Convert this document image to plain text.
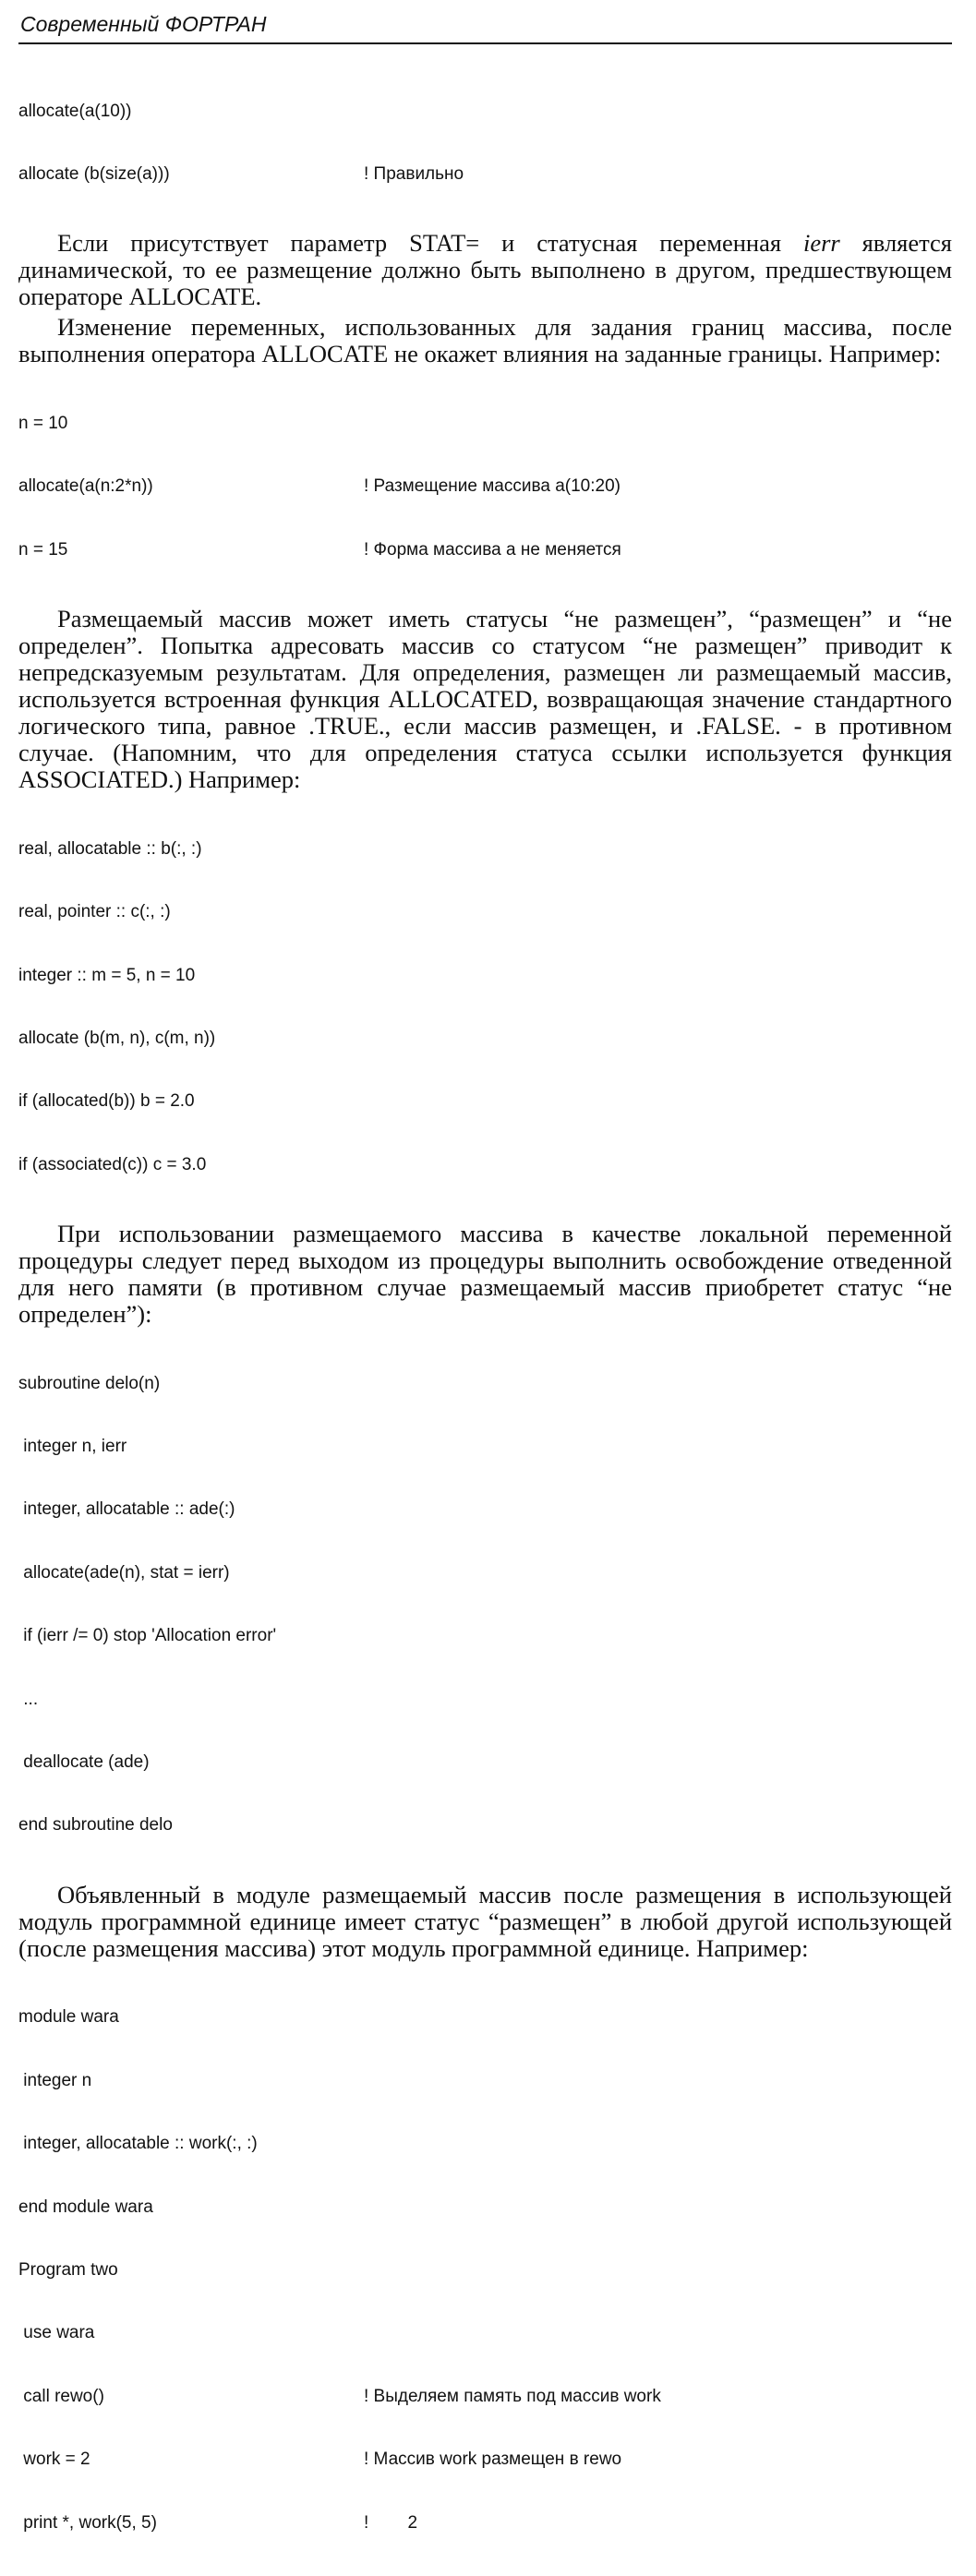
Современный ФОРТРАН

allocate(a(10))

allocate (b(size(a)))	! Правильно

Если присутствует параметр STAT= и статусная переменная ierr является динамической, то ее размещение должно быть выполнено в другом, предшествующем операторе ALLOCATE.

Изменение переменных, использованных для задания границ массива, после выполнения оператора ALLOCATE не окажет влияния на заданные границы. Например:

n = 10

allocate(a(n:2*n))	! Размещение массива a(10:20)

n = 15	! Форма массива а не меняется

Размещаемый массив может иметь статусы “не размещен”, “размещен” и “не определен”. Попытка адресовать массив со статусом “не размещен” приводит к непредсказуемым результатам. Для определения, размещен ли размещаемый массив, используется встроенная функция ALLOCATED, возвращающая значение стандартного логического типа, равное .TRUE., если массив размещен, и .FALSE. - в противном случае. (Напомним, что для определения статуса ссылки используется функция ASSOCIATED.) Например:

real, allocatable :: b(:, :)

real, pointer :: c(:, :)

integer :: m = 5, n = 10

allocate (b(m, n), c(m, n))

if (allocated(b)) b = 2.0

if (associated(c)) c = 3.0

При использовании размещаемого массива в качестве локальной переменной процедуры следует перед выходом из процедуры выполнить освобождение отведенной для него памяти (в противном случае размещаемый массив приобретет статус “не определен”):

subroutine delo(n)

integer n, ierr

integer, allocatable :: ade(:)

allocate(ade(n), stat = ierr)

if (ierr /= 0) stop 'Allocation error'

...

deallocate (ade)

end subroutine delo

Объявленный в модуле размещаемый массив после размещения в использующей модуль программной единице имеет статус “размещен” в любой другой использующей (после размещения массива) этот модуль программной единице. Например:

module wara

integer n

integer, allocatable :: work(:, :)

end module wara

Program two

use wara

call rewo()	! Выделяем память под массив work

work = 2	! Массив work размещен в rewo

print *, work(5, 5)	!        2
